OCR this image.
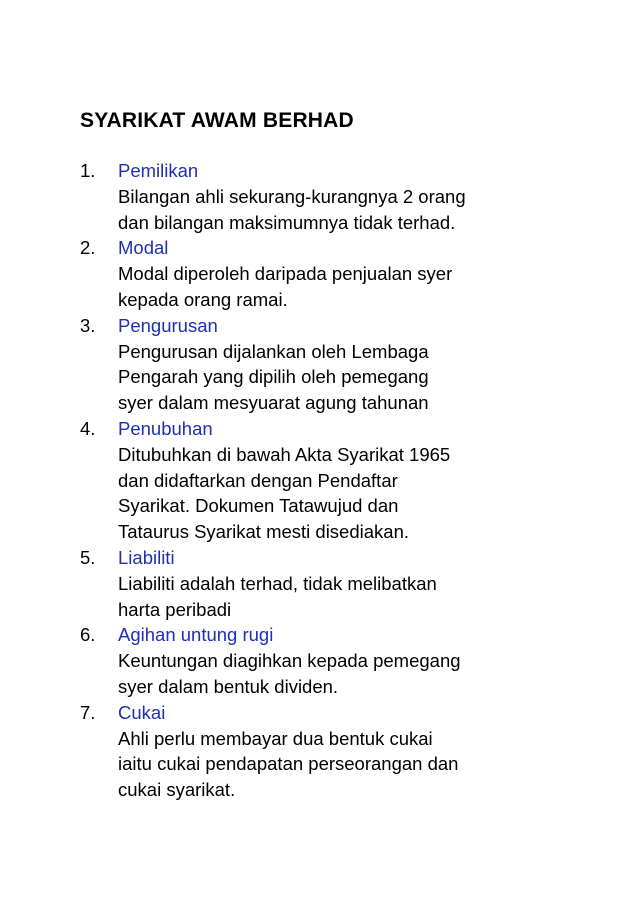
SYARIKAT AWAM BERHAD
1.	Pemilikan
Bilangan ahli sekurang-kurangnya 2 orang
dan bilangan maksimumnya tidak terhad.
2.	Modal
Modal diperoleh daripada penjualan syer
kepada orang ramai.
3.	Pengurusan
Pengurusan dijalankan oleh Lembaga
Pengarah yang dipilih oleh pemegang
syer dalam mesyuarat agung tahunan
4.	Penubuhan
Ditubuhkan di bawah Akta Syarikat 1965
dan didaftarkan dengan Pendaftar
Syarikat. Dokumen Tatawujud dan
Tataurus Syarikat mesti disediakan.
5.	Liabiliti
Liabiliti adalah terhad, tidak melibatkan
harta peribadi
6.	Agihan untung rugi
Keuntungan diagihkan kepada pemegang
syer dalam bentuk dividen.
7.	Cukai
Ahli perlu membayar dua bentuk cukai
iaitu cukai pendapatan perseorangan dan
cukai syarikat.
